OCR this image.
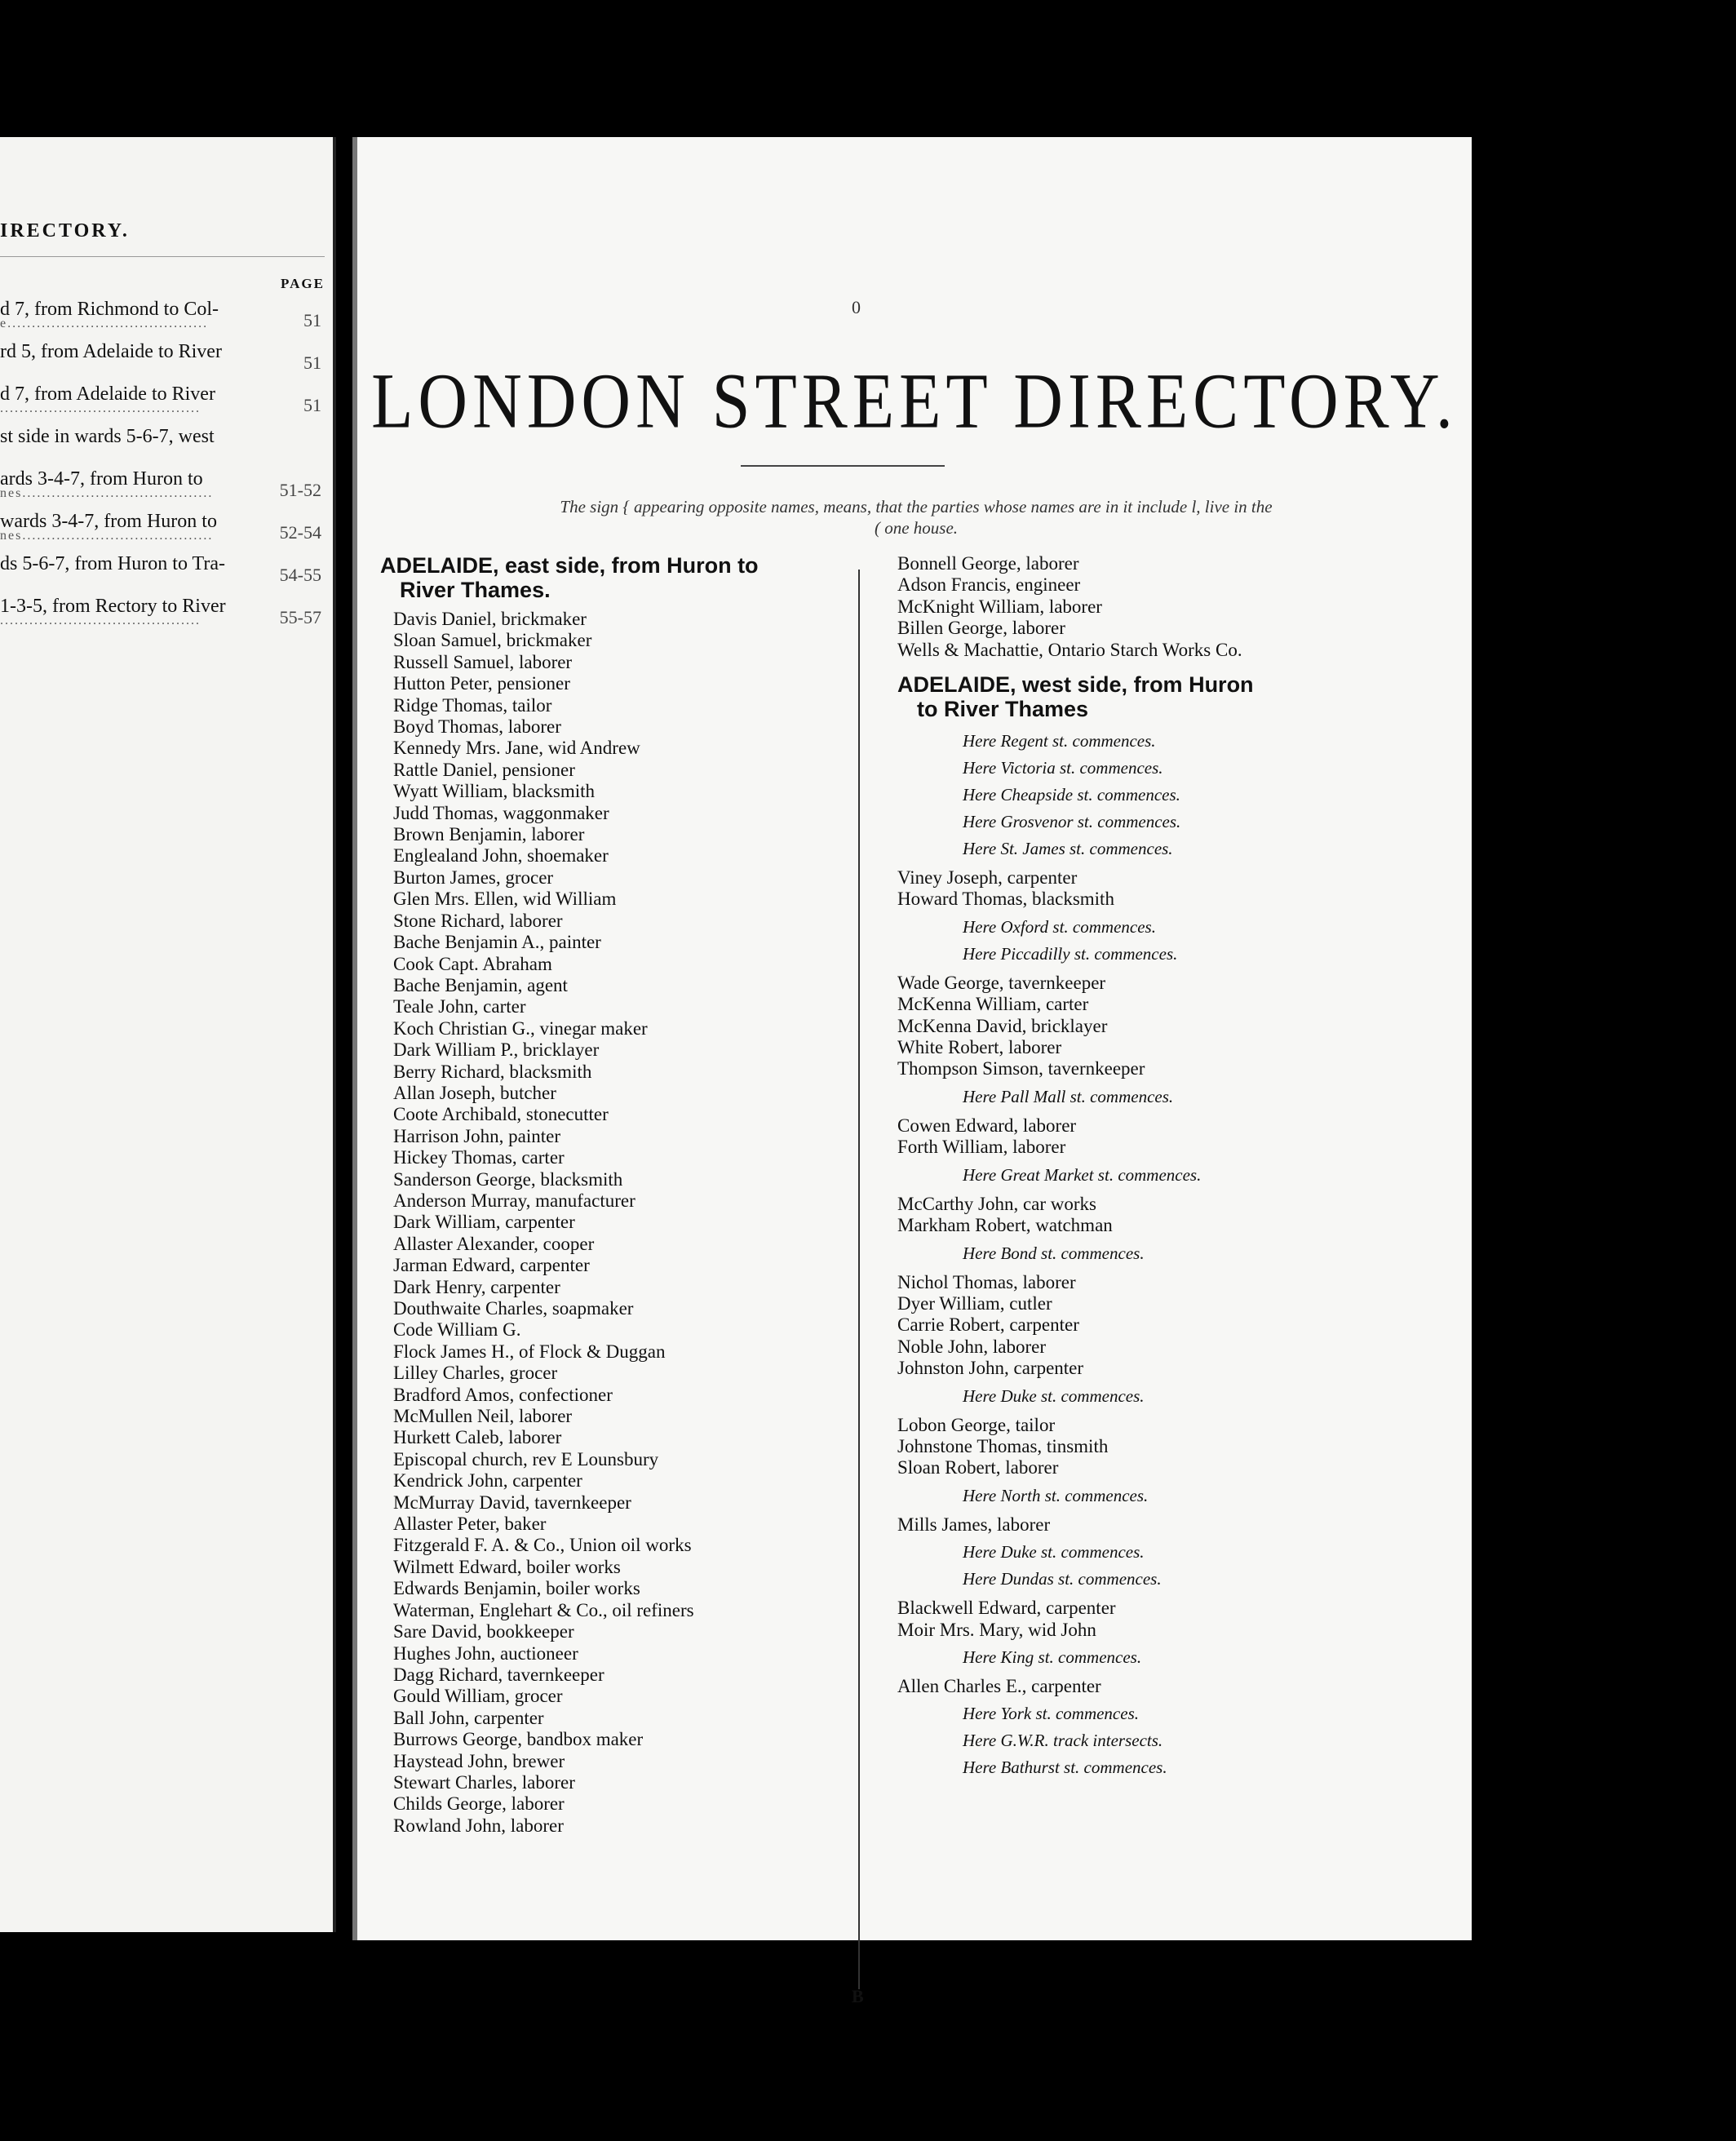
IRECTORY.
PAGE
d 7, from Richmond to Col-
e.........................................	51
rd 5, from Adelaide to River
51
d 7, from Adelaide to River
.........................................	51
st side in wards 5-6-7, west
ards 3-4-7, from Huron to
nes.......................................	51-52
wards 3-4-7, from Huron to
nes.......................................	52-54
ds 5-6-7, from Huron to Tra-
54-55
1-3-5, from Rectory to River
.........................................	55-57
0
LONDON STREET DIRECTORY.
The sign { appearing opposite names, means, that the parties whose names are in it include l, live in the
( one house.
ADELAIDE, east side, from Huron to
River Thames.
Davis Daniel, brickmaker
Sloan Samuel, brickmaker
Russell Samuel, laborer
Hutton Peter, pensioner
Ridge Thomas, tailor
Boyd Thomas, laborer
Kennedy Mrs. Jane, wid Andrew
Rattle Daniel, pensioner
Wyatt William, blacksmith
Judd Thomas, waggonmaker
Brown Benjamin, laborer
Englealand John, shoemaker
Burton James, grocer
Glen Mrs. Ellen, wid William
Stone Richard, laborer
Bache Benjamin A., painter
Cook Capt. Abraham
Bache Benjamin, agent
Teale John, carter
Koch Christian G., vinegar maker
Dark William P., bricklayer
Berry Richard, blacksmith
Allan Joseph, butcher
Coote Archibald, stonecutter
Harrison John, painter
Hickey Thomas, carter
Sanderson George, blacksmith
Anderson Murray, manufacturer
Dark William, carpenter
Allaster Alexander, cooper
Jarman Edward, carpenter
Dark Henry, carpenter
Douthwaite Charles, soapmaker
Code William G.
Flock James H., of Flock & Duggan
Lilley Charles, grocer
Bradford Amos, confectioner
McMullen Neil, laborer
Hurkett Caleb, laborer
Episcopal church, rev E Lounsbury
Kendrick John, carpenter
McMurray David, tavernkeeper
Allaster Peter, baker
Fitzgerald F. A. & Co., Union oil works
Wilmett Edward, boiler works
Edwards Benjamin, boiler works
Waterman, Englehart & Co., oil refiners
Sare David, bookkeeper
Hughes John, auctioneer
Dagg Richard, tavernkeeper
Gould William, grocer
Ball John, carpenter
Burrows George, bandbox maker
Haystead John, brewer
Stewart Charles, laborer
Childs George, laborer
Rowland John, laborer
Bonnell George, laborer
Adson Francis, engineer
McKnight William, laborer
Billen George, laborer
Wells & Machattie, Ontario Starch Works Co.
ADELAIDE, west side, from Huron
to River Thames
Here Regent st. commences.
Here Victoria st. commences.
Here Cheapside st. commences.
Here Grosvenor st. commences.
Here St. James st. commences.
Viney Joseph, carpenter
Howard Thomas, blacksmith
Here Oxford st. commences.
Here Piccadilly st. commences.
Wade George, tavernkeeper
McKenna William, carter
McKenna David, bricklayer
White Robert, laborer
Thompson Simson, tavernkeeper
Here Pall Mall st. commences.
Cowen Edward, laborer
Forth William, laborer
Here Great Market st. commences.
McCarthy John, car works
Markham Robert, watchman
Here Bond st. commences.
Nichol Thomas, laborer
Dyer William, cutler
Carrie Robert, carpenter
Noble John, laborer
Johnston John, carpenter
Here Duke st. commences.
Lobon George, tailor
Johnstone Thomas, tinsmith
Sloan Robert, laborer
Here North st. commences.
Mills James, laborer
Here Duke st. commences.
Here Dundas st. commences.
Blackwell Edward, carpenter
Moir Mrs. Mary, wid John
Here King st. commences.
Allen Charles E., carpenter
Here York st. commences.
Here G.W.R. track intersects.
Here Bathurst st. commences.
B
